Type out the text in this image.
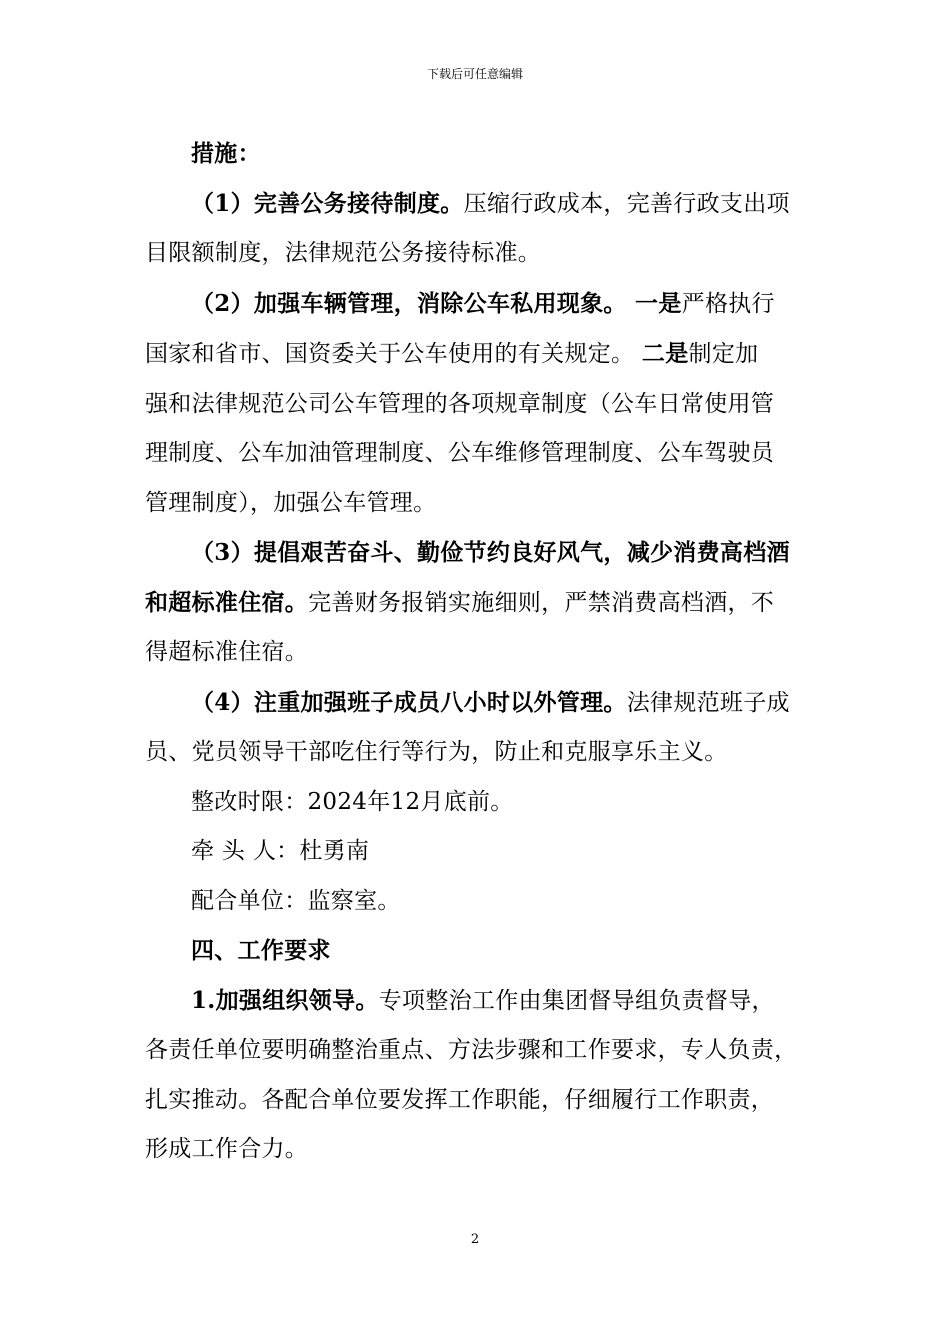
下载后可任意编辑

措施：

（1）完善公务接待制度。压缩行政成本，完善行政支出项

目限额制度，法律规范公务接待标准。

（2）加强车辆管理，消除公车私用现象。 一是严格执行

国家和省市、国资委关于公车使用的有关规定。 二是制定加

强和法律规范公司公车管理的各项规章制度（公车日常使用管

理制度、公车加油管理制度、公车维修管理制度、公车驾驶员

管理制度），加强公车管理。

（3）提倡艰苦奋斗、勤俭节约良好风气，减少消费高档酒

和超标准住宿。完善财务报销实施细则，严禁消费高档酒，不

得超标准住宿。

（4）注重加强班子成员八小时以外管理。法律规范班子成

员、党员领导干部吃住行等行为，防止和克服享乐主义。

整改时限：2024年12月底前。

牵 头 人：杜勇南

配合单位：监察室。

四、工作要求

1.加强组织领导。专项整治工作由集团督导组负责督导，

各责任单位要明确整治重点、方法步骤和工作要求，专人负责，

扎实推动。各配合单位要发挥工作职能，仔细履行工作职责，

形成工作合力。

2
